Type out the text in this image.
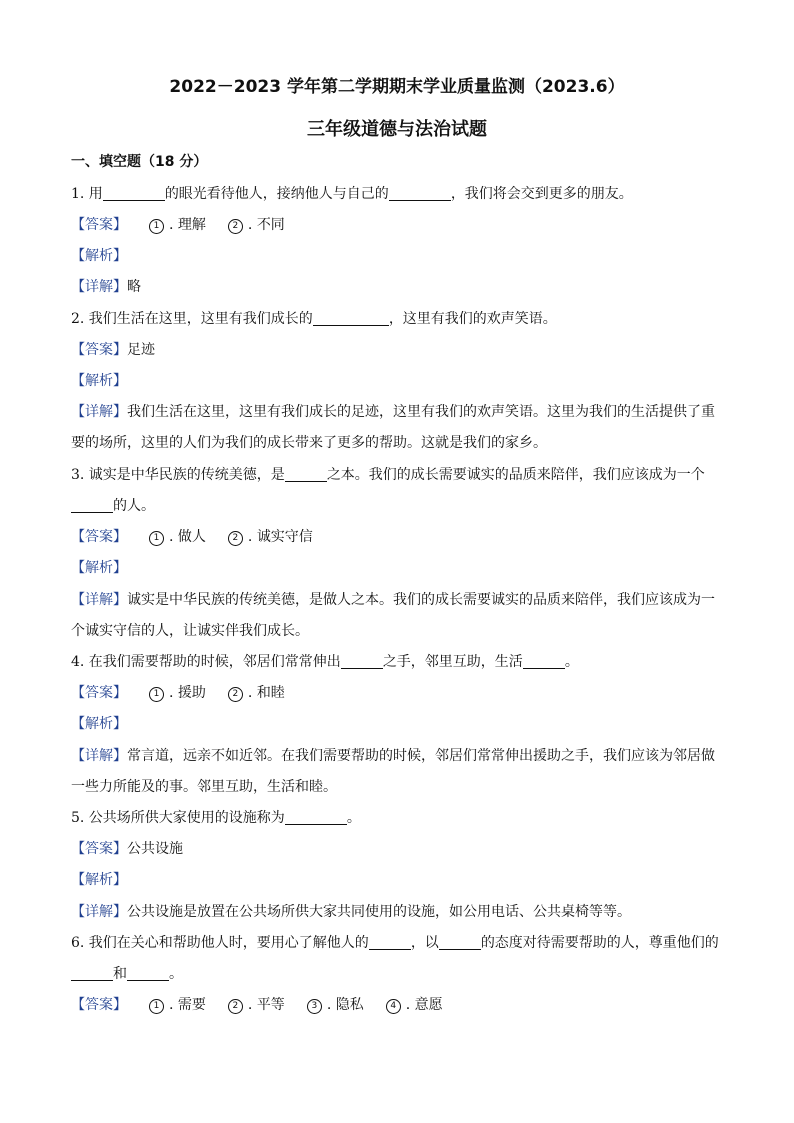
2022－2023 学年第二学期期末学业质量监测（2023.6）
三年级道德与法治试题
一、填空题（18 分）
1. 用	的眼光看待他人，接纳他人与自己的	，我们将会交到更多的朋友。
【答案】	1 . 理解	2 . 不同
【解析】
【详解】略
2. 我们生活在这里，这里有我们成长的	，这里有我们的欢声笑语。
【答案】足迹
【解析】
【详解】我们生活在这里，这里有我们成长的足迹，这里有我们的欢声笑语。这里为我们的生活提供了重
要的场所，这里的人们为我们的成长带来了更多的帮助。这就是我们的家乡。
3. 诚实是中华民族的传统美德，是	之本。我们的成长需要诚实的品质来陪伴，我们应该成为一个
的人。
【答案】	1 . 做人	2 . 诚实守信
【解析】
【详解】诚实是中华民族的传统美德，是做人之本。我们的成长需要诚实的品质来陪伴，我们应该成为一
个诚实守信的人，让诚实伴我们成长。
4. 在我们需要帮助的时候，邻居们常常伸出	之手，邻里互助，生活	。
【答案】	1 . 援助	2 . 和睦
【解析】
【详解】常言道，远亲不如近邻。在我们需要帮助的时候，邻居们常常伸出援助之手，我们应该为邻居做
一些力所能及的事。邻里互助，生活和睦。
5. 公共场所供大家使用的设施称为	。
【答案】公共设施
【解析】
【详解】公共设施是放置在公共场所供大家共同使用的设施，如公用电话、公共桌椅等等。
6. 我们在关心和帮助他人时，要用心了解他人的	，以	的态度对待需要帮助的人，尊重他们的
和	。
【答案】	1 . 需要	2 . 平等	3 . 隐私	4 . 意愿
